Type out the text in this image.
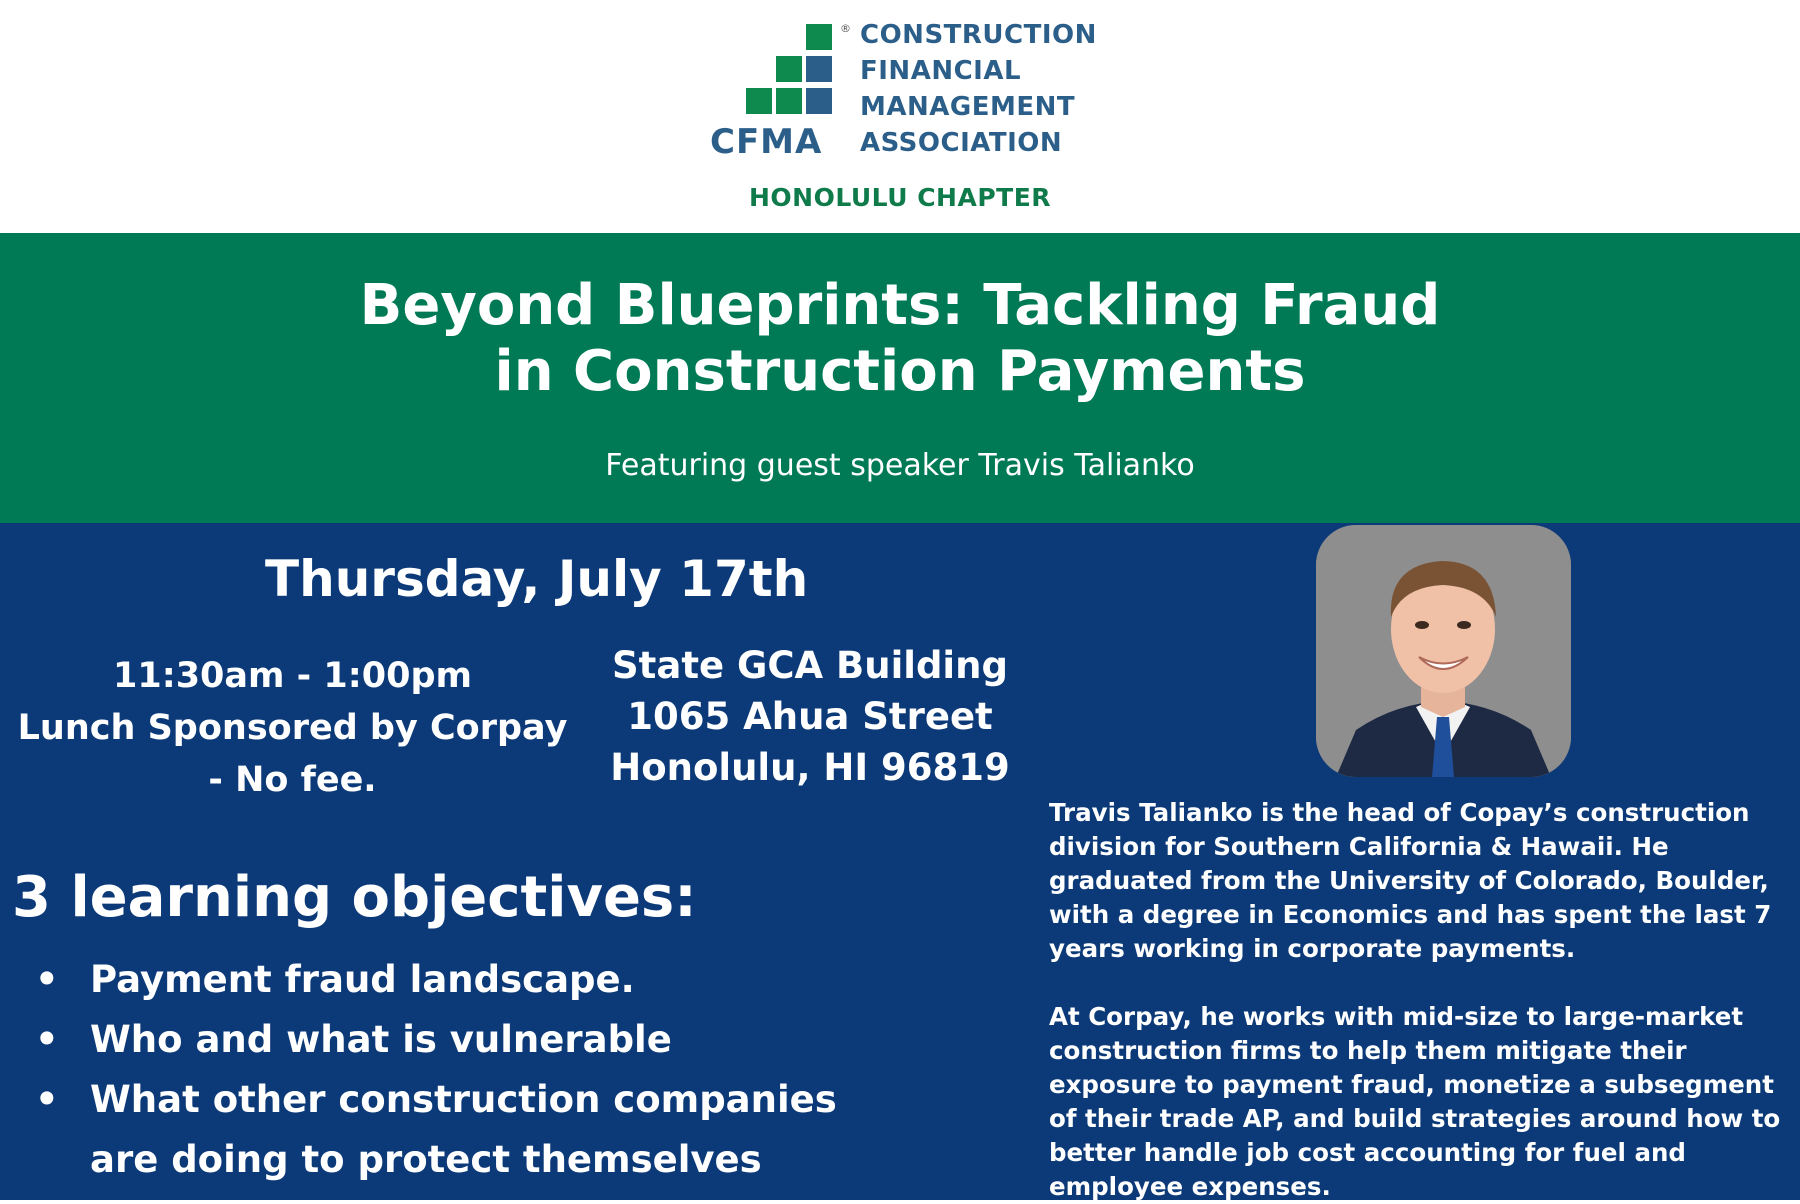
®
CFMA
CONSTRUCTION
FINANCIAL
MANAGEMENT
ASSOCIATION
HONOLULU CHAPTER
Beyond Blueprints: Tackling Fraud
in Construction Payments
Featuring guest speaker Travis Talianko
Thursday, July 17th
11:30am - 1:00pm
Lunch Sponsored by Corpay
- No fee.
State GCA Building
1065 Ahua Street
Honolulu, HI 96819
3 learning objectives:
• Payment fraud landscape.
• Who and what is vulnerable
• What other construction companies are doing to protect themselves

Travis Talianko is the head of Copay’s construction division for Southern California & Hawaii. He graduated from the University of Colorado, Boulder, with a degree in Economics and has spent the last 7 years working in corporate payments.

At Corpay, he works with mid-size to large-market construction firms to help them mitigate their exposure to payment fraud, monetize a subsegment of their trade AP, and build strategies around how to better handle job cost accounting for fuel and employee expenses.
